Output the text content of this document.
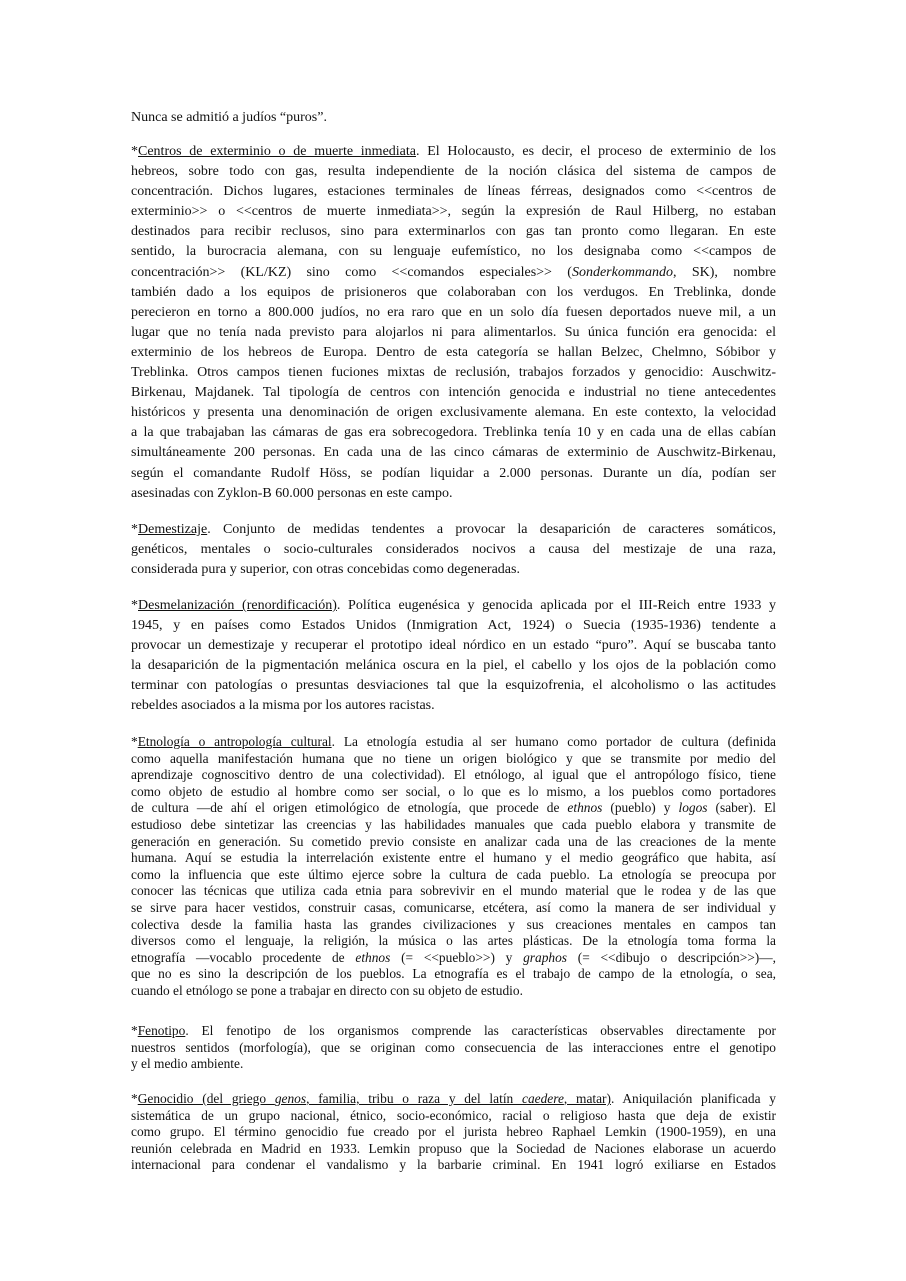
Nunca se admitió a judíos “puros”.
*Centros de exterminio o de muerte inmediata. El Holocausto, es decir, el proceso de exterminio de los
hebreos, sobre todo con gas, resulta independiente de la noción clásica del sistema de campos de
concentración. Dichos lugares, estaciones terminales de líneas férreas, designados como <<centros de
exterminio>> o <<centros de muerte inmediata>>, según la expresión de Raul Hilberg, no estaban
destinados para recibir reclusos, sino para exterminarlos con gas tan pronto como llegaran. En este
sentido, la burocracia alemana, con su lenguaje eufemístico, no los designaba como <<campos de
concentración>> (KL/KZ) sino como <<comandos especiales>> (Sonderkommando, SK), nombre
también dado a los equipos de prisioneros que colaboraban con los verdugos. En Treblinka, donde
perecieron en torno a 800.000 judíos, no era raro que en un solo día fuesen deportados nueve mil, a un
lugar que no tenía nada previsto para alojarlos ni para alimentarlos. Su única función era genocida: el
exterminio de los hebreos de Europa. Dentro de esta categoría se hallan Belzec, Chelmno, Sóbibor y
Treblinka. Otros campos tienen fuciones mixtas de reclusión, trabajos forzados y genocidio: Auschwitz-
Birkenau, Majdanek. Tal tipología de centros con intención genocida e industrial no tiene antecedentes
históricos y presenta una denominación de origen exclusivamente alemana. En este contexto, la velocidad
a la que trabajaban las cámaras de gas era sobrecogedora. Treblinka tenía 10 y en cada una de ellas cabían
simultáneamente 200 personas. En cada una de las cinco cámaras de exterminio de Auschwitz-Birkenau,
según el comandante Rudolf Höss, se podían liquidar a 2.000 personas. Durante un día, podían ser
asesinadas con Zyklon-B 60.000 personas en este campo.
*Demestizaje. Conjunto de medidas tendentes a provocar la desaparición de caracteres somáticos,
genéticos, mentales o socio-culturales considerados nocivos a causa del mestizaje de una raza,
considerada pura y superior, con otras concebidas como degeneradas.
*Desmelanización (renordificación). Política eugenésica y genocida aplicada por el III-Reich entre 1933 y
1945, y en países como Estados Unidos (Inmigration Act, 1924) o Suecia (1935-1936) tendente a
provocar un demestizaje y recuperar el prototipo ideal nórdico en un estado “puro”. Aquí se buscaba tanto
la desaparición de la pigmentación melánica oscura en la piel, el cabello y los ojos de la población como
terminar con patologías o presuntas desviaciones tal que la esquizofrenia, el alcoholismo o las actitudes
rebeldes asociados a la misma por los autores racistas.
*Etnología o antropología cultural. La etnología estudia al ser humano como portador de cultura (definida
como aquella manifestación humana que no tiene un origen biológico y que se transmite por medio del
aprendizaje cognoscitivo dentro de una colectividad). El etnólogo, al igual que el antropólogo físico, tiene
como objeto de estudio al hombre como ser social, o lo que es lo mismo, a los pueblos como portadores
de cultura —de ahí el origen etimológico de etnología, que procede de ethnos (pueblo) y logos (saber). El
estudioso debe sintetizar las creencias y las habilidades manuales que cada pueblo elabora y transmite de
generación en generación. Su cometido previo consiste en analizar cada una de las creaciones de la mente
humana. Aquí se estudia la interrelación existente entre el humano y el medio geográfico que habita, así
como la influencia que este último ejerce sobre la cultura de cada pueblo. La etnología se preocupa por
conocer las técnicas que utiliza cada etnia para sobrevivir en el mundo material que le rodea y de las que
se sirve para hacer vestidos, construir casas, comunicarse, etcétera, así como la manera de ser individual y
colectiva desde la familia hasta las grandes civilizaciones y sus creaciones mentales en campos tan
diversos como el lenguaje, la religión, la música o las artes plásticas. De la etnología toma forma la
etnografía —vocablo procedente de ethnos (= <<pueblo>>) y graphos (= <<dibujo o descripción>>)—,
que no es sino la descripción de los pueblos. La etnografía es el trabajo de campo de la etnología, o sea,
cuando el etnólogo se pone a trabajar en directo con su objeto de estudio.
*Fenotipo. El fenotipo de los organismos comprende las características observables directamente por
nuestros sentidos (morfología), que se originan como consecuencia de las interacciones entre el genotipo
y el medio ambiente.
*Genocidio (del griego genos, familia, tribu o raza y del latín caedere, matar). Aniquilación planificada y
sistemática de un grupo nacional, étnico, socio-económico, racial o religioso hasta que deja de existir
como grupo. El término genocidio fue creado por el jurista hebreo Raphael Lemkin (1900-1959), en una
reunión celebrada en Madrid en 1933. Lemkin propuso que la Sociedad de Naciones elaborase un acuerdo
internacional para condenar el vandalismo y la barbarie criminal. En 1941 logró exiliarse en Estados
